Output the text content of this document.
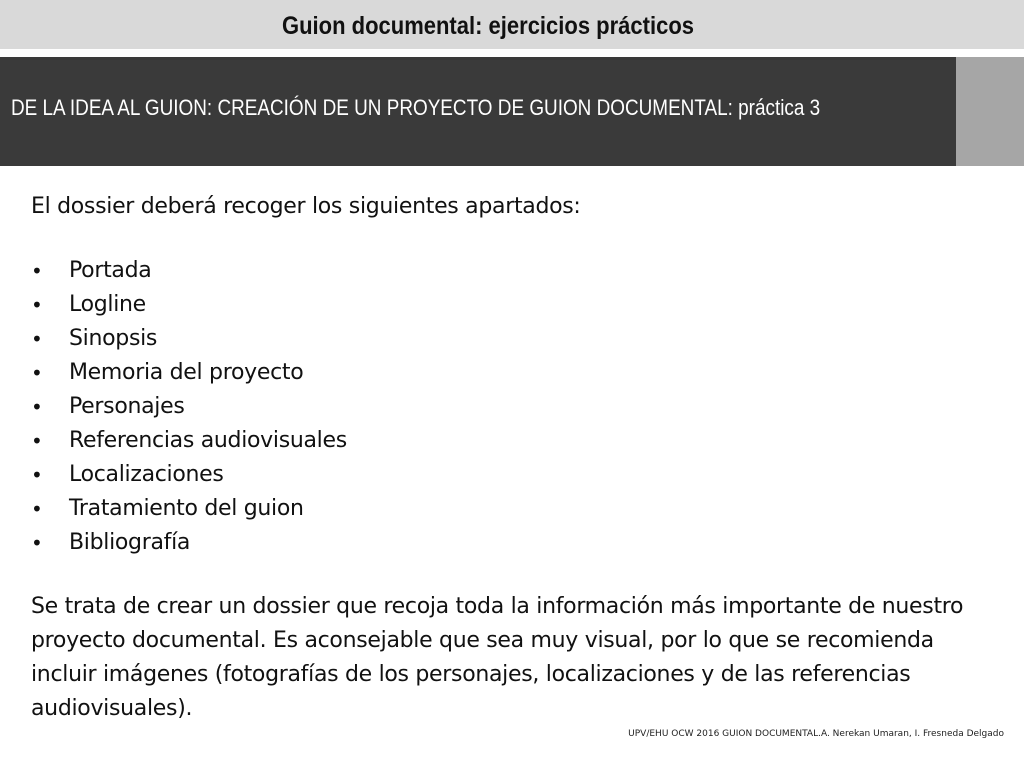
Guion documental: ejercicios prácticos
DE LA IDEA AL GUION: CREACIÓN DE UN PROYECTO DE GUION DOCUMENTAL: práctica 3

El dossier deberá recoger los siguientes apartados:

• Portada
• Logline
• Sinopsis
• Memoria del proyecto
• Personajes
• Referencias audiovisuales
• Localizaciones
• Tratamiento del guion
• Bibliografía

Se trata de crear un dossier que recoja toda la información más importante de nuestro proyecto documental. Es aconsejable que sea muy visual, por lo que se recomienda incluir imágenes (fotografías de los personajes, localizaciones y de las referencias audiovisuales).

UPV/EHU OCW 2016 GUION DOCUMENTAL.A. Nerekan Umaran, I. Fresneda Delgado
